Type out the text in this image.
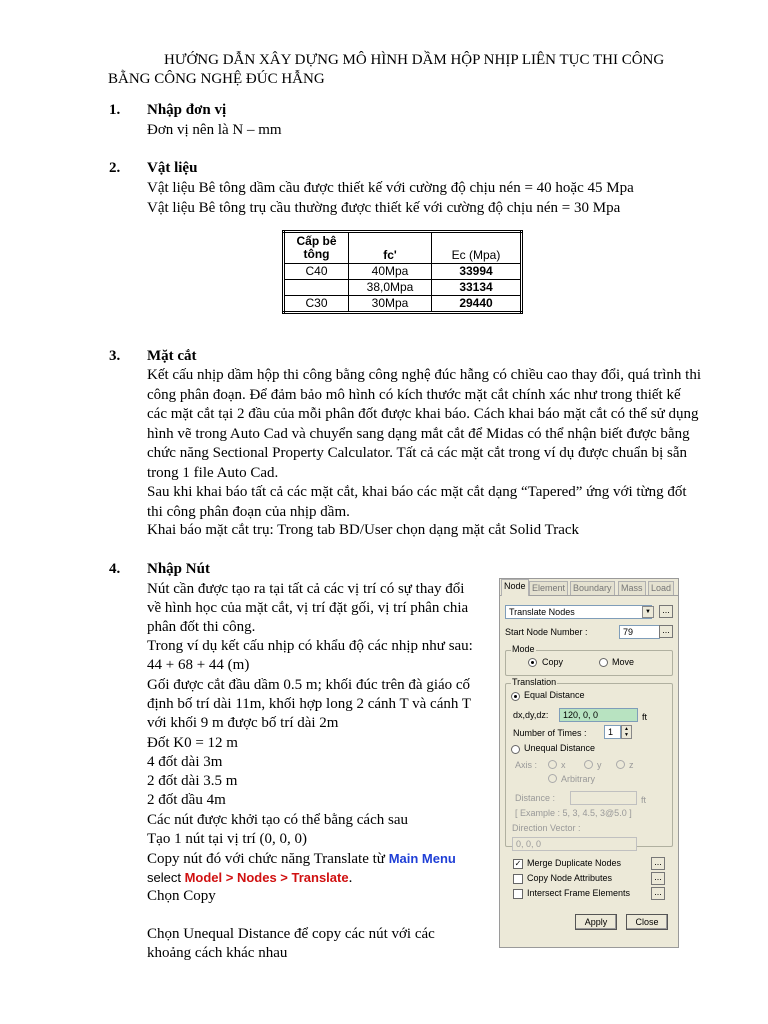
HƯỚNG DẪN XÂY DỰNG MÔ HÌNH DẦM HỘP NHỊP LIÊN TỤC THI CÔNG
BẰNG CÔNG NGHỆ ĐÚC HẪNG
1. Nhập đơn vị
Đơn vị nên là N – mm
2. Vật liệu
Vật liệu Bê tông dầm cầu được thiết kế với cường độ chịu nén = 40 hoặc 45 Mpa
Vật liệu Bê tông trụ cầu thường được thiết kế với cường độ chịu nén = 30 Mpa
Cấp bê tông	fc'	Ec (Mpa)
C40	40Mpa	33994
	38,0Mpa	33134
C30	30Mpa	29440
3. Mặt cắt
Kết cấu nhịp dầm hộp thi công bằng công nghệ đúc hẫng có chiều cao thay đổi, quá trình thi công phân đoạn. Để đảm bảo mô hình có kích thước mặt cắt chính xác như trong thiết kế các mặt cắt tại 2 đầu của mỗi phân đốt được khai báo. Cách khai báo mặt cắt có thể sử dụng hình vẽ trong Auto Cad và chuyển sang dạng mắt cắt để Midas có thể nhận biết được bằng chức năng Sectional Property Calculator. Tất cả các mặt cắt trong ví dụ được chuẩn bị sẵn trong 1 file Auto Cad.
Sau khi khai báo tất cả các mặt cắt, khai báo các mặt cắt dạng “Tapered” ứng với từng đốt thi công phân đoạn của nhịp dầm.
Khai báo mặt cắt trụ: Trong tab BD/User chọn dạng mặt cắt Solid Track
4. Nhập Nút
Nút cần được tạo ra tại tất cả các vị trí có sự thay đổi
về hình học của mặt cắt, vị trí đặt gối, vị trí phân chia
phân đốt thi công.
Trong ví dụ kết cấu nhịp có khẩu độ các nhịp như sau:
44 + 68 + 44 (m)
Gối được cắt đầu dầm 0.5 m; khối đúc trên đà giáo cố
định bố trí dài 11m, khối hợp long 2 cánh T và cánh T
với khối 9 m được bố trí dài 2m
Đốt K0 = 12 m
4 đốt dài 3m
2 đốt dài 3.5 m
2 đốt dầu 4m
Các nút được khởi tạo có thể bằng cách sau
Tạo 1 nút tại vị trí (0, 0, 0)
Copy nút đó với chức năng Translate từ Main Menu
select Model > Nodes > Translate.
Chọn Copy
Chọn Unequal Distance để copy các nút với các
khoảng cách khác nhau
Node Element Boundary	Mass Load
Translate Nodes	▼	...
Start Node Number :	79	...
Mode
Copy	Move
Translation
Equal Distance
dx,dy,dz:	120, 0, 0	ft
Number of Times :	1	▲
▼
Unequal Distance
Axis :	x	y	z
Arbitrary
Distance :	ft
[ Example : 5, 3, 4.5, 3@5.0 ]
Direction Vector :
0, 0, 0
✓ Merge Duplicate Nodes	...
Copy Node Attributes	...
Intersect Frame Elements	...
Apply	Close
